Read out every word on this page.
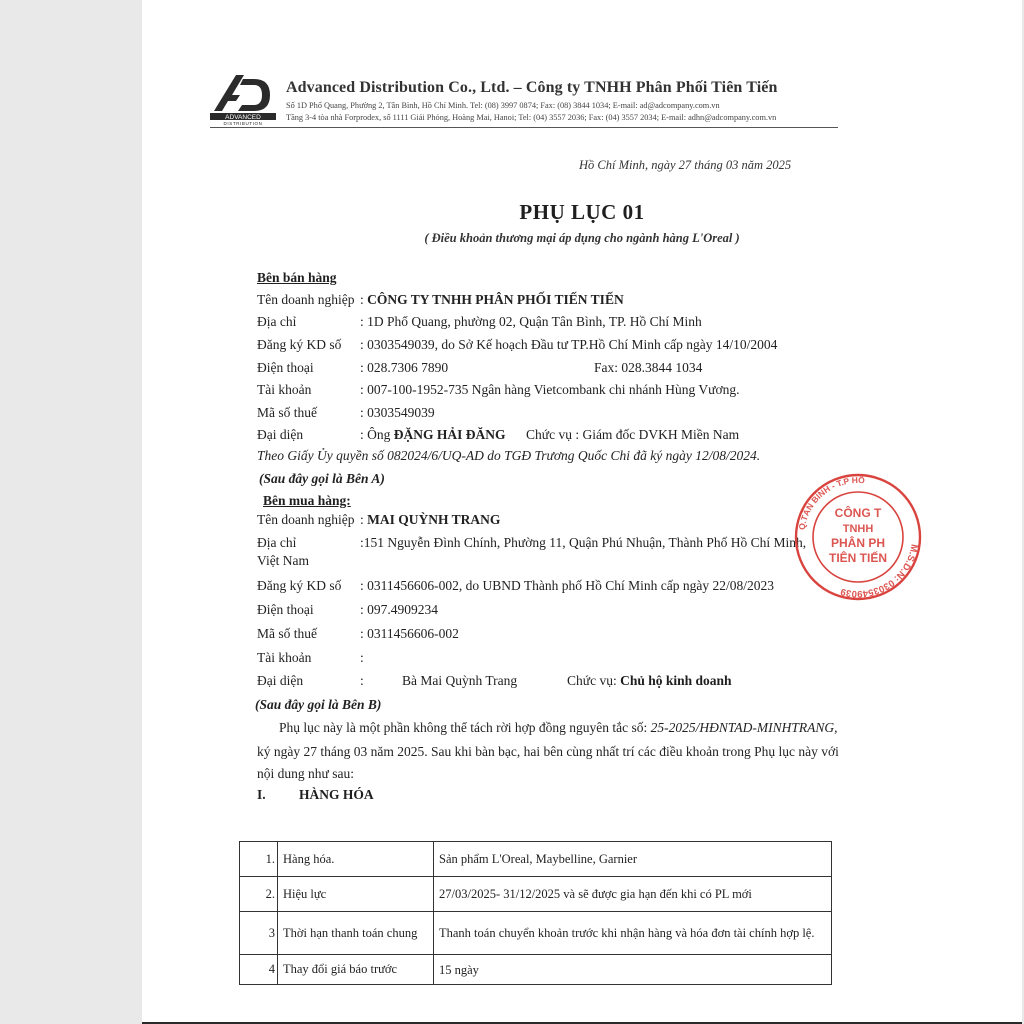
ADVANCED
DISTRIBUTION
Advanced Distribution Co., Ltd. – Công ty TNHH Phân Phối Tiên Tiến
Số 1D Phổ Quang, Phường 2, Tân Bình, Hồ Chí Minh. Tel: (08) 3997 0874; Fax: (08) 3844 1034; E-mail: ad@adcompany.com.vn
Tầng 3-4 tòa nhà Forprodex, số 1111 Giải Phóng, Hoàng Mai, Hanoi; Tel: (04) 3557 2036; Fax: (04) 3557 2034; E-mail: adhn@adcompany.com.vn
Hồ Chí Minh, ngày 27 tháng 03 năm 2025
PHỤ LỤC 01
( Điều khoản thương mại áp dụng cho ngành hàng L'Oreal )
Bên bán hàng
Tên doanh nghiệp : CÔNG TY TNHH PHÂN PHỐI TIẾN TIẾN
Địa chỉ	: 1D Phổ Quang, phường 02, Quận Tân Bình, TP. Hồ Chí Minh
Đăng ký KD số : 0303549039, do Sở Kế hoạch Đầu tư TP.Hồ Chí Minh cấp ngày 14/10/2004
Điện thoại	: 028.7306 7890	Fax: 028.3844 1034
Tài khoản	: 007-100-1952-735 Ngân hàng Vietcombank chi nhánh Hùng Vương.
Mã số thuế	: 0303549039
Đại diện	: Ông ĐẶNG HẢI ĐĂNG Chức vụ : Giám đốc DVKH Miền Nam
Theo Giấy Ủy quyền số 082024/6/UQ-AD do TGĐ Trương Quốc Chi đã ký ngày 12/08/2024.
(Sau đây gọi là Bên A)
Bên mua hàng:
Tên doanh nghiệp : MAI QUỲNH TRANG
Địa chỉ	:151 Nguyễn Đình Chính, Phường 11, Quận Phú Nhuận, Thành Phố Hồ Chí Minh,
Việt Nam
Đăng ký KD số : 0311456606-002, do UBND Thành phố Hồ Chí Minh cấp ngày 22/08/2023
Điện thoại	: 097.4909234
Mã số thuế	: 0311456606-002
Tài khoản	:
Đại diện	:	Bà Mai Quỳnh Trang	Chức vụ: Chủ hộ kinh doanh
(Sau đây gọi là Bên B)
Phụ lục này là một phần không thể tách rời hợp đồng nguyên tắc số: 25-2025/HĐNTAD-MINHTRANG,
ký ngày 27 tháng 03 năm 2025. Sau khi bàn bạc, hai bên cùng nhất trí các điều khoản trong Phụ lục này với
nội dung như sau:
I. HÀNG HÓA
1.	Hàng hóa.	Sản phẩm L'Oreal, Maybelline, Garnier
2.	Hiệu lực	27/03/2025- 31/12/2025 và sẽ được gia hạn đến khi có PL mới
3	Thời hạn thanh toán chung	Thanh toán chuyển khoản trước khi nhận hàng và hóa đơn tài chính hợp lệ.
4	Thay đổi giá báo trước	15 ngày
M.S.D.N: 0303549039
Q.TÂN BÌNH - T.P HỒ
CÔNG T
TNHH
PHÂN PH
TIÊN TIẾN
